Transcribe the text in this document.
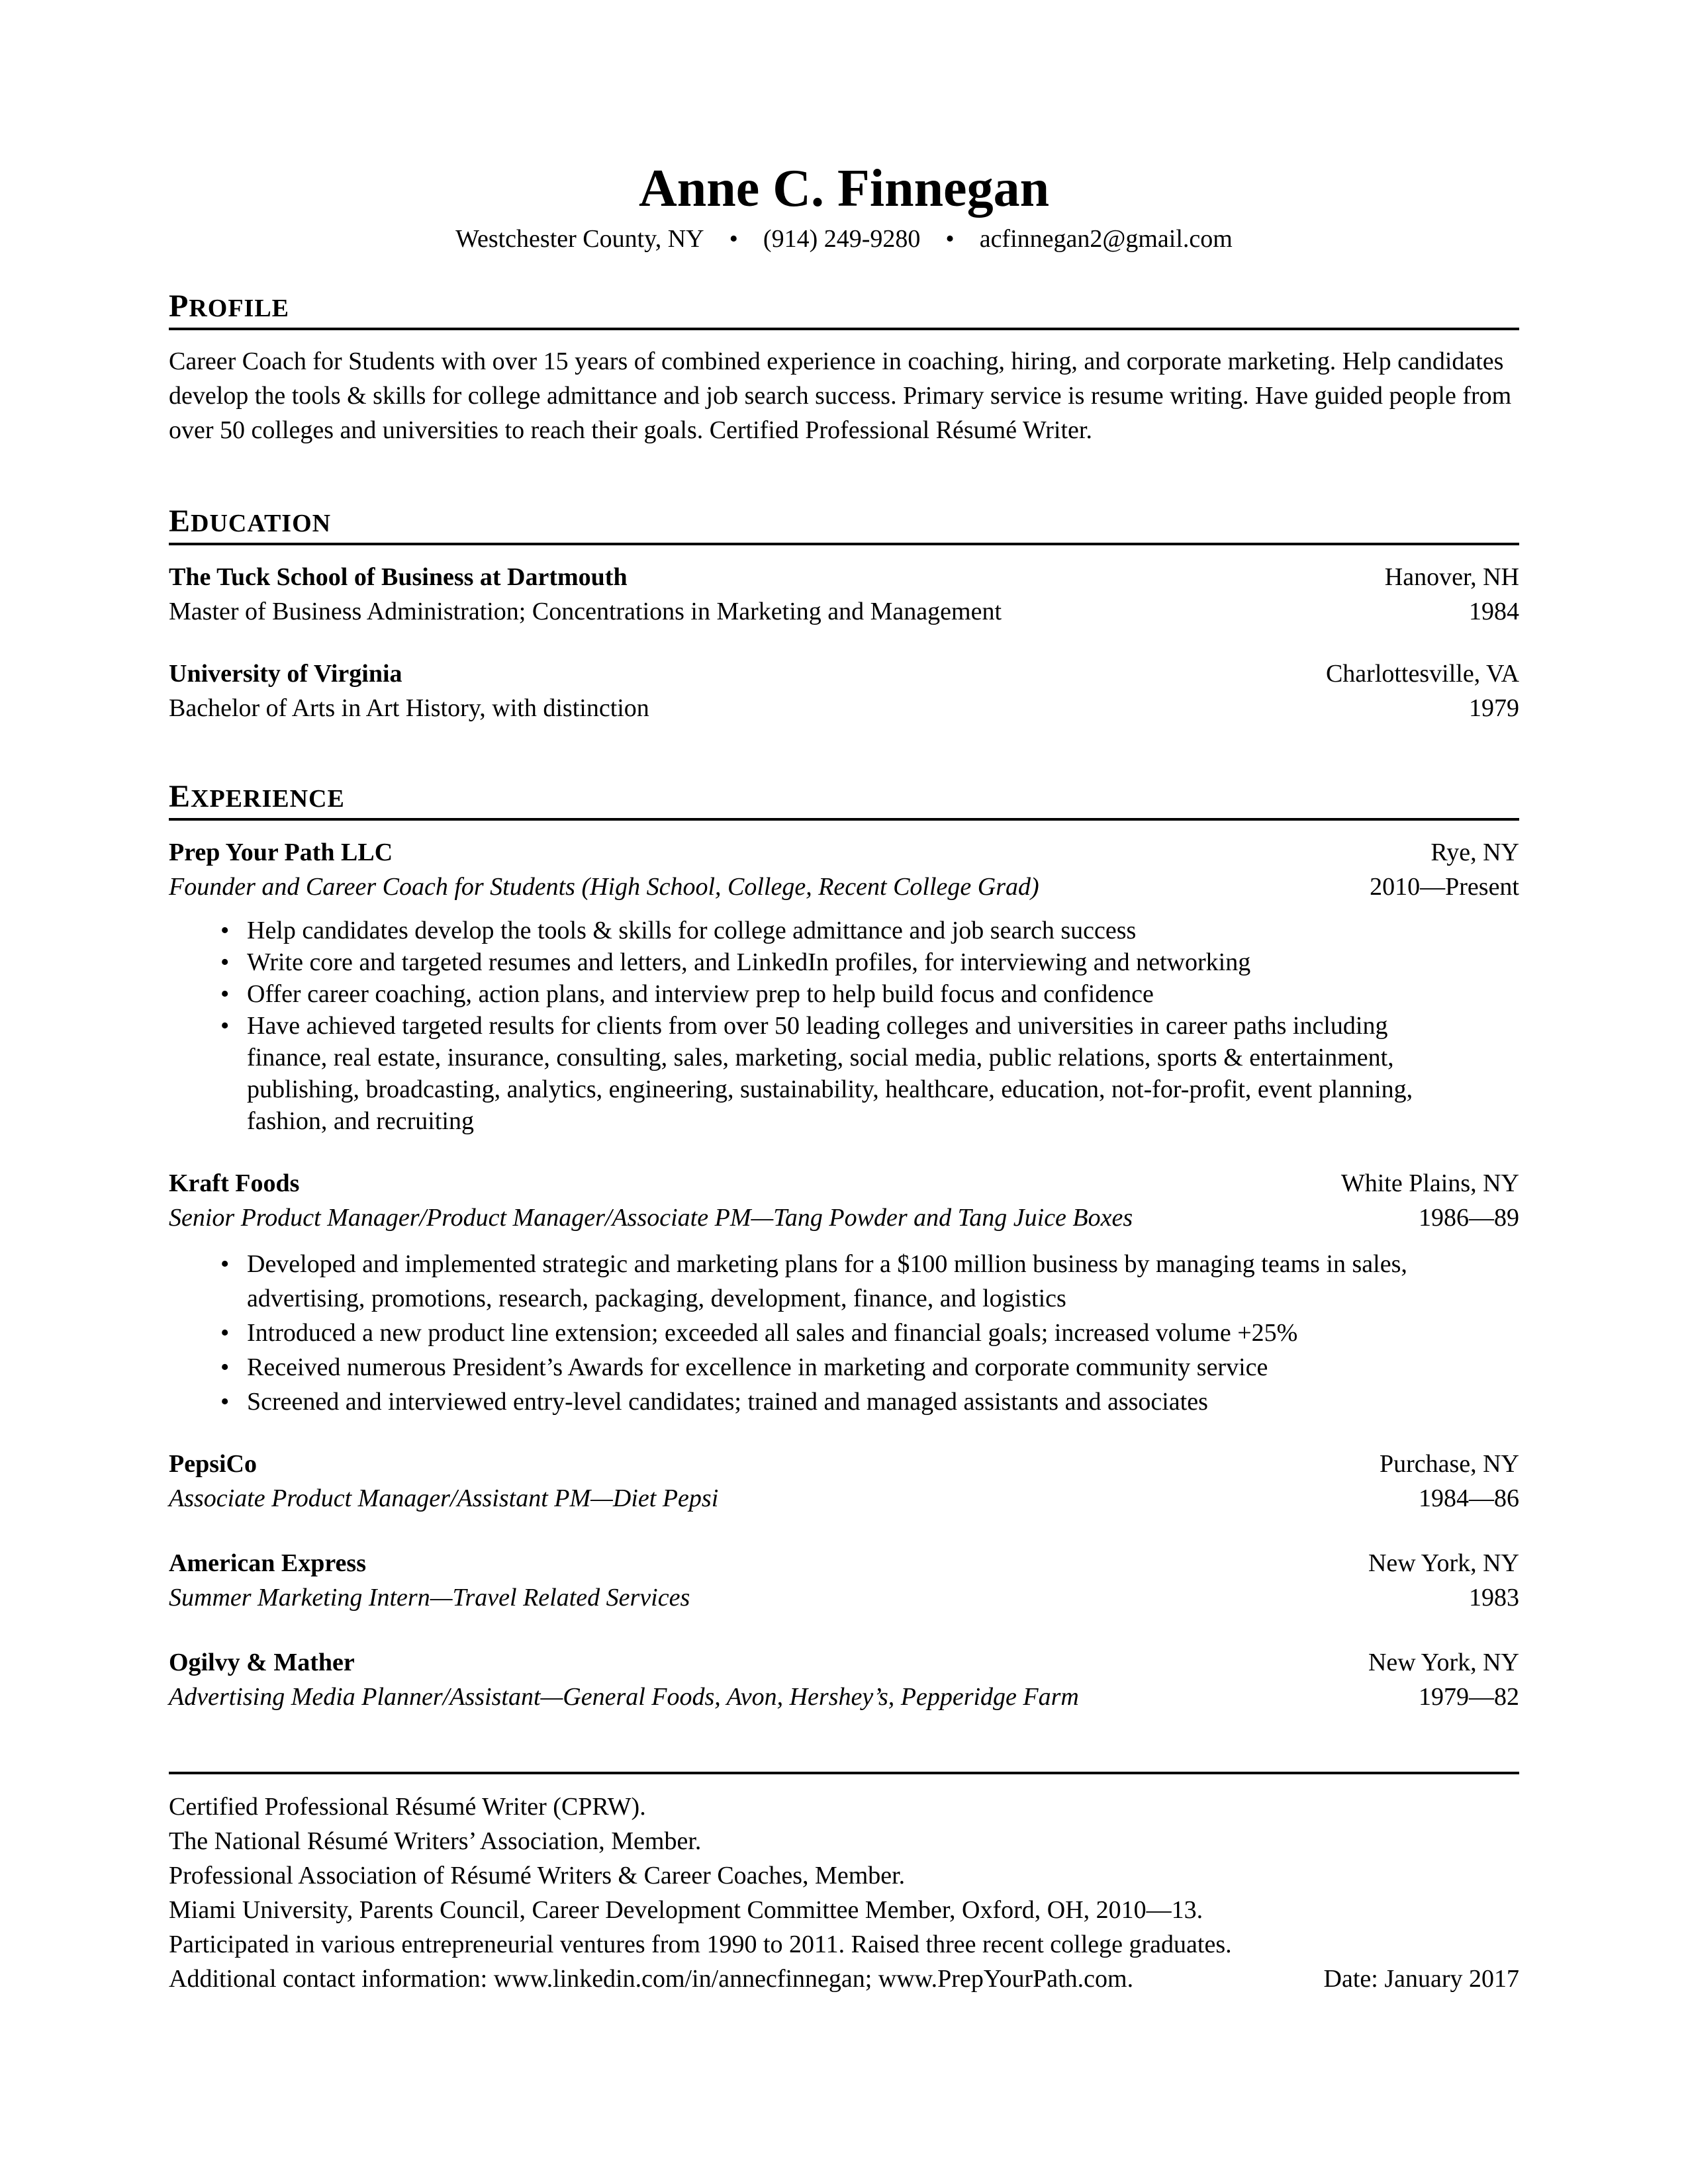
Anne C. Finnegan
Westchester County, NY • (914) 249-9280 • acfinnegan2@gmail.com
PROFILE
Career Coach for Students with over 15 years of combined experience in coaching, hiring, and corporate marketing. Help candidates develop the tools & skills for college admittance and job search success. Primary service is resume writing. Have guided people from over 50 colleges and universities to reach their goals. Certified Professional Résumé Writer.
EDUCATION
The Tuck School of Business at Dartmouth	Hanover, NH
Master of Business Administration; Concentrations in Marketing and Management	1984
University of Virginia	Charlottesville, VA
Bachelor of Arts in Art History, with distinction	1979
EXPERIENCE
Prep Your Path LLC	Rye, NY
Founder and Career Coach for Students (High School, College, Recent College Grad)	2010—Present
• Help candidates develop the tools & skills for college admittance and job search success
• Write core and targeted resumes and letters, and LinkedIn profiles, for interviewing and networking
• Offer career coaching, action plans, and interview prep to help build focus and confidence
• Have achieved targeted results for clients from over 50 leading colleges and universities in career paths including finance, real estate, insurance, consulting, sales, marketing, social media, public relations, sports & entertainment, publishing, broadcasting, analytics, engineering, sustainability, healthcare, education, not-for-profit, event planning, fashion, and recruiting
Kraft Foods	White Plains, NY
Senior Product Manager/Product Manager/Associate PM—Tang Powder and Tang Juice Boxes	1986—89
• Developed and implemented strategic and marketing plans for a $100 million business by managing teams in sales, advertising, promotions, research, packaging, development, finance, and logistics
• Introduced a new product line extension; exceeded all sales and financial goals; increased volume +25%
• Received numerous President’s Awards for excellence in marketing and corporate community service
• Screened and interviewed entry-level candidates; trained and managed assistants and associates
PepsiCo	Purchase, NY
Associate Product Manager/Assistant PM—Diet Pepsi	1984—86
American Express	New York, NY
Summer Marketing Intern—Travel Related Services	1983
Ogilvy & Mather	New York, NY
Advertising Media Planner/Assistant—General Foods, Avon, Hershey’s, Pepperidge Farm	1979—82
Certified Professional Résumé Writer (CPRW).
The National Résumé Writers’ Association, Member.
Professional Association of Résumé Writers & Career Coaches, Member.
Miami University, Parents Council, Career Development Committee Member, Oxford, OH, 2010—13.
Participated in various entrepreneurial ventures from 1990 to 2011. Raised three recent college graduates.
Additional contact information: www.linkedin.com/in/annecfinnegan; www.PrepYourPath.com.	Date: January 2017
